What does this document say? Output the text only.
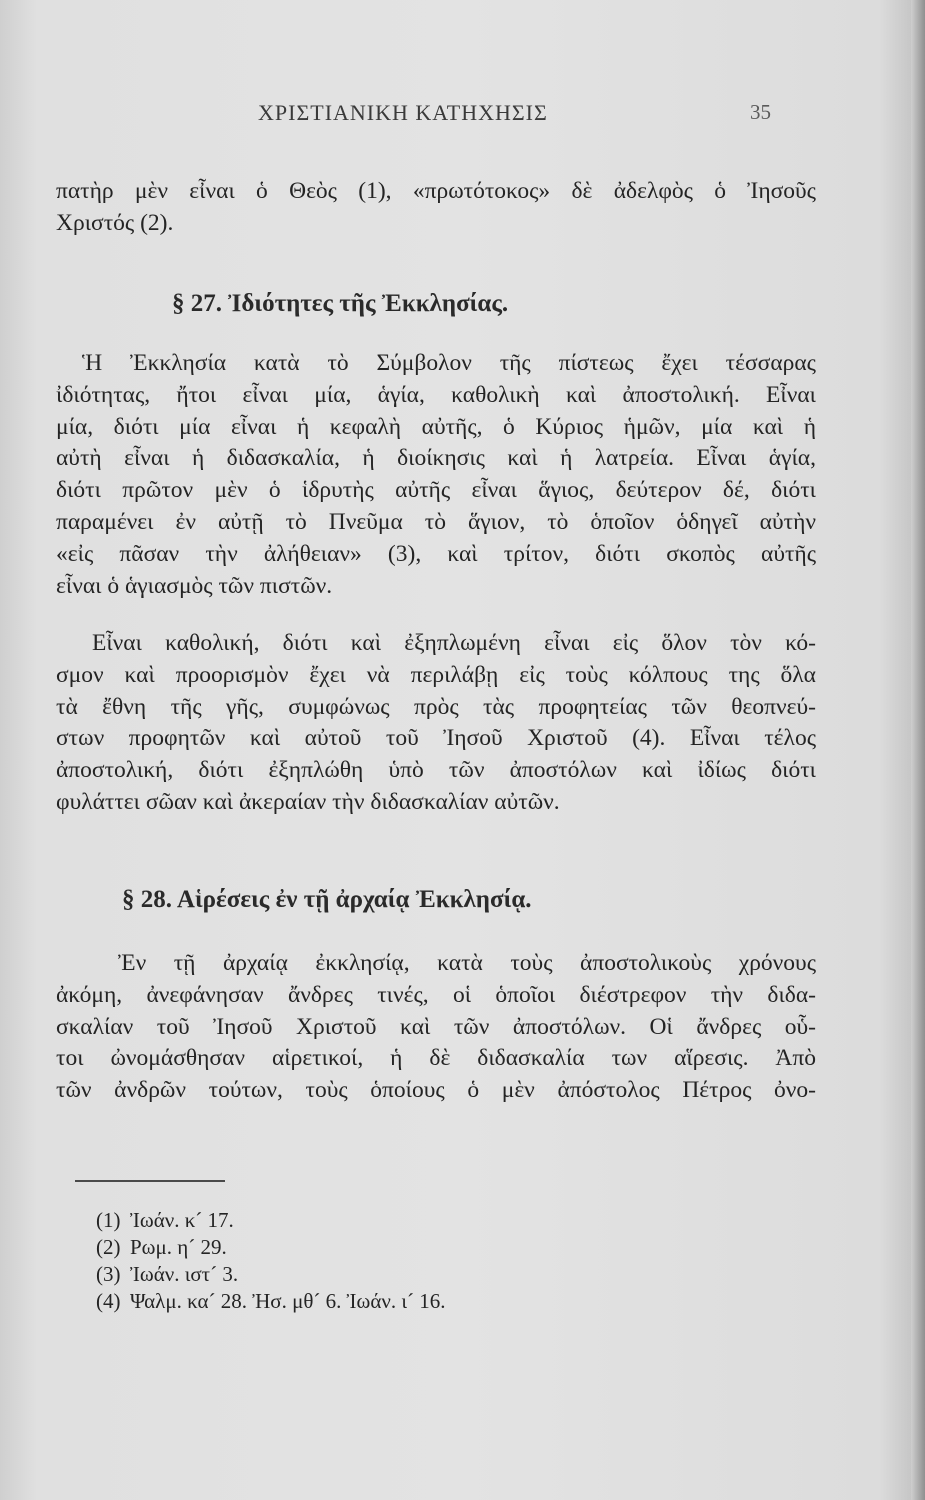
ΧΡΙΣΤΙΑΝΙΚΗ ΚΑΤΗΧΗΣΙΣ	35
πατὴρ μὲν εἶναι ὁ Θεὸς (1), «πρωτότοκος» δὲ ἀδελφὸς ὁ Ἰησοῦς
Χριστός (2).
§ 27. Ἰδιότητες τῆς Ἐκκλησίας.
Ἡ Ἐκκλησία κατὰ τὸ Σύμβολον τῆς πίστεως ἔχει τέσσαρας
ἰδιότητας, ἤτοι εἶναι μία, ἁγία, καθολικὴ καὶ ἀποστολική. Εἶναι
μία, διότι μία εἶναι ἡ κεφαλὴ αὐτῆς, ὁ Κύριος ἡμῶν, μία καὶ ἡ
αὐτὴ εἶναι ἡ διδασκαλία, ἡ διοίκησις καὶ ἡ λατρεία. Εἶναι ἁγία,
διότι πρῶτον μὲν ὁ ἱδρυτὴς αὐτῆς εἶναι ἅγιος, δεύτερον δέ, διότι
παραμένει ἐν αὐτῇ τὸ Πνεῦμα τὸ ἅγιον, τὸ ὁποῖον ὁδηγεῖ αὐτὴν
«εἰς πᾶσαν τὴν ἀλήθειαν» (3), καὶ τρίτον, διότι σκοπὸς αὐτῆς
εἶναι ὁ ἁγιασμὸς τῶν πιστῶν.
Εἶναι καθολική, διότι καὶ ἐξηπλωμένη εἶναι εἰς ὅλον τὸν κό-
σμον καὶ προορισμὸν ἔχει νὰ περιλάβῃ εἰς τοὺς κόλπους της ὅλα
τὰ ἔθνη τῆς γῆς, συμφώνως πρὸς τὰς προφητείας τῶν θεοπνεύ-
στων προφητῶν καὶ αὐτοῦ τοῦ Ἰησοῦ Χριστοῦ (4). Εἶναι τέλος
ἀποστολική, διότι ἐξηπλώθη ὑπὸ τῶν ἀποστόλων καὶ ἰδίως διότι
φυλάττει σῶαν καὶ ἀκεραίαν τὴν διδασκαλίαν αὐτῶν.
§ 28. Αἱρέσεις ἐν τῇ ἀρχαίᾳ Ἐκκλησίᾳ.
Ἐν τῇ ἀρχαίᾳ ἐκκλησίᾳ, κατὰ τοὺς ἀποστολικοὺς χρόνους
ἀκόμη, ἀνεφάνησαν ἄνδρες τινές, οἱ ὁποῖοι διέστρεφον τὴν διδα-
σκαλίαν τοῦ Ἰησοῦ Χριστοῦ καὶ τῶν ἀποστόλων. Οἱ ἄνδρες οὗ-
τοι ὠνομάσθησαν αἱρετικοί, ἡ δὲ διδασκαλία των αἵρεσις. Ἀπὸ
τῶν ἀνδρῶν τούτων, τοὺς ὁποίους ὁ μὲν ἀπόστολος Πέτρος ὀνο-
(1) Ἰωάν. κ´ 17.
(2) Ρωμ. η´ 29.
(3) Ἰωάν. ιστ´ 3.
(4) Ψαλμ. κα´ 28. Ἠσ. μθ´ 6. Ἰωάν. ι´ 16.
